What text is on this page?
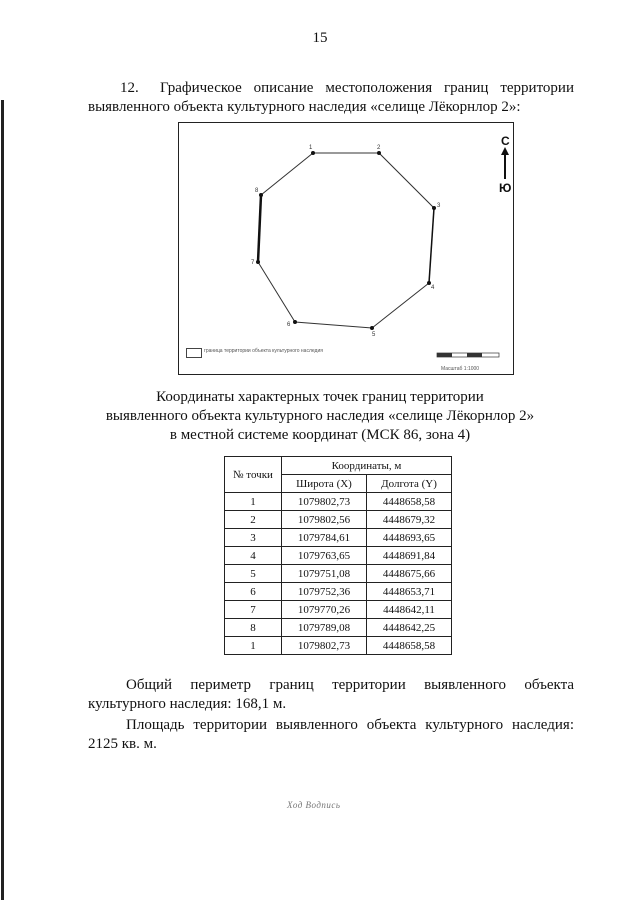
15
12. Графическое описание местоположения границ территории выявленного объекта культурного наследия «селище Лёкорнлор 2»:
1	2
3
4
5
6
7
8
С
Ю
граница территории объекта культурного наследия
Масштаб 1:1000
Координаты характерных точек границ территории
выявленного объекта культурного наследия «селище Лёкорнлор 2»
в местной системе координат (МСК 86, зона 4)
№ точки	Координаты, м	
	Широта (X)	Долгота (Y)
1	1079802,73	4448658,58
2	1079802,56	4448679,32
3	1079784,61	4448693,65
4	1079763,65	4448691,84
5	1079751,08	4448675,66
6	1079752,36	4448653,71
7	1079770,26	4448642,11
8	1079789,08	4448642,25
1	1079802,73	4448658,58
Общий периметр границ территории выявленного объекта
культурного наследия: 168,1 м.
Площадь территории выявленного объекта культурного наследия:
2125 кв. м.
Ход Водпись
